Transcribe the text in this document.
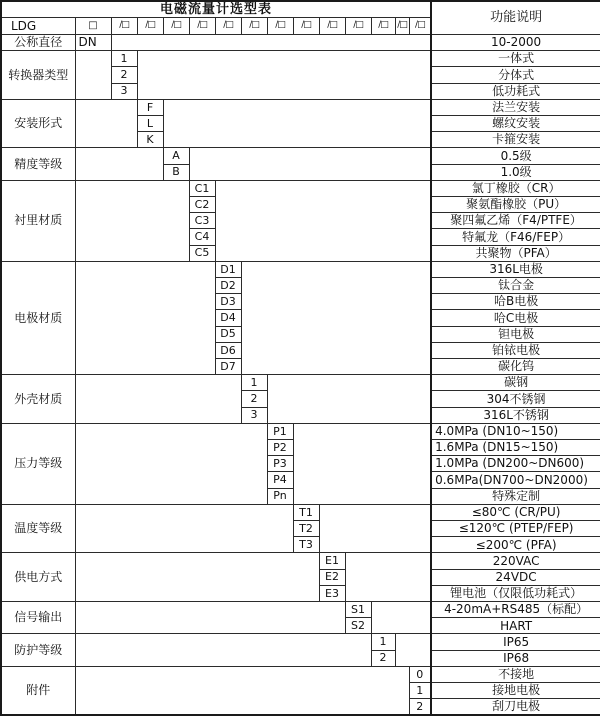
电磁流量计选型表															功能说明
LDG	□	/□	/□	/□	/□	/□	/□	/□	/□	/□	/□	/□	/□	/□	
公称直径	DN														10-2000
转换器类型		1													一体式
		2													分体式
		3													低功耗式
安装形式			F												法兰安装
			L												螺纹安装
			K												卡箍安装
精度等级				A											0.5级
				B											1.0级
衬里材质					C1										氯丁橡胶（CR）
					C2										聚氨酯橡胶（PU）
					C3										聚四氟乙烯（F4/PTFE）
					C4										特氟龙（F46/FEP）
					C5										共聚物（PFA）
电极材质						D1									316L电极
						D2									钛合金
						D3									哈B电极
						D4									哈C电极
						D5									钽电极
						D6									铂铱电极
						D7									碳化钨
外壳材质							1								碳钢
							2								304不锈钢
							3								316L不锈钢
压力等级								P1							4.0MPa (DN10~150)
								P2							1.6MPa (DN15~150)
								P3							1.0MPa (DN200~DN600)
								P4							0.6MPa(DN700~DN2000)
								Pn							特殊定制
温度等级									T1						≤80℃ (CR/PU)
									T2						≤120℃ (PTEP/FEP)
									T3						≤200℃ (PFA)
供电方式										E1					220VAC
										E2					24VDC
										E3					锂电池（仅限低功耗式）
信号输出											S1				4-20mA+RS485（标配）
											S2				HART
防护等级												1			IP65
												2			IP68
附件														0	不接地
														1	接地电极
														2	刮刀电极
